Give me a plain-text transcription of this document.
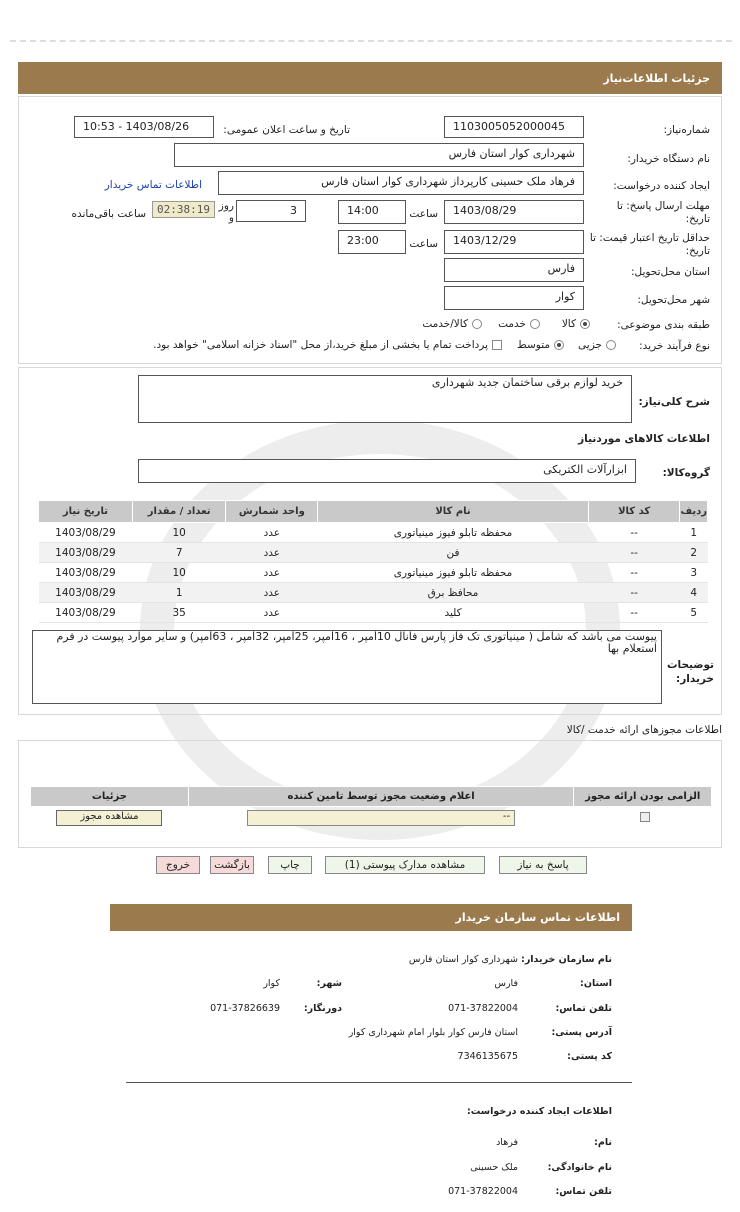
جزئیات اطلاعات‌نیاز
شماره‌نیاز:
1103005052000045
تاریخ و ساعت اعلان عمومی:
1403/08/26 - 10:53
نام دستگاه خریدار:
شهرداری کوار استان فارس
ایجاد کننده درخواست:
فرهاد ملک حسینی کارپرداز شهرداری کوار استان فارس
اطلاعات تماس خریدار
مهلت ارسال پاسخ: تا تاریخ:
1403/08/29
ساعت
14:00
3
روز و
02:38:19
ساعت باقی‌مانده
حداقل تاریخ اعتبار قیمت: تا تاریخ:
1403/12/29
ساعت
23:00
استان محل‌تحویل:
فارس
شهر محل‌تحویل:
کوار
طبقه بندی موضوعی:
کالا
خدمت
کالا/خدمت
نوع فرآیند خرید:
جزیی
متوسط
پرداخت تمام یا بخشی از مبلغ خرید،از محل "اسناد خزانه اسلامی" خواهد بود.
شرح کلی‌نیاز:
خرید لوازم برقی ساختمان جدید شهرداری
اطلاعات کالاهای موردنیاز
گروه‌کالا:
ابزارآلات الکتریکی
ردیف	کد کالا	نام کالا	واحد شمارش	تعداد / مقدار	تاریخ نیاز
1	--	محفظه تابلو فیوز مینیاتوری	عدد	10	1403/08/29
2	--	فن	عدد	7	1403/08/29
3	--	محفظه تابلو فیوز مینیاتوری	عدد	10	1403/08/29
4	--	محافظ برق	عدد	1	1403/08/29
5	--	کلید	عدد	35	1403/08/29
توضیحات خریدار:
پیوست می باشد که شامل ( مینیاتوری تک فاز پارس فانال 10آمپر ، 16آمپر، 25آمپر، 32آمپر ، 63آمپر) و سایر موارد پیوست در فرم استعلام بها
اطلاعات مجوزهای ارائه خدمت /کالا
الزامی بودن ارائه مجوز	اعلام وضعیت مجوز توسط تامین کننده	جزئیات
	--	مشاهده مجوز
پاسخ به نیاز
مشاهده مدارک پیوستی (1)
چاپ
بازگشت
خروج
اطلاعات تماس سازمان خریدار
نام سازمان خریدار:
شهرداری کوار استان فارس
استان:
فارس
شهر:
کوار
تلفن تماس:
071-37822004
دورنگار:
071-37826639
آدرس پستی:
استان فارس کوار بلوار امام شهرداری کوار
کد پستی:
7346135675
اطلاعات ایجاد کننده درخواست:
نام:
فرهاد
نام خانوادگی:
ملک حسینی
تلفن تماس:
071-37822004
